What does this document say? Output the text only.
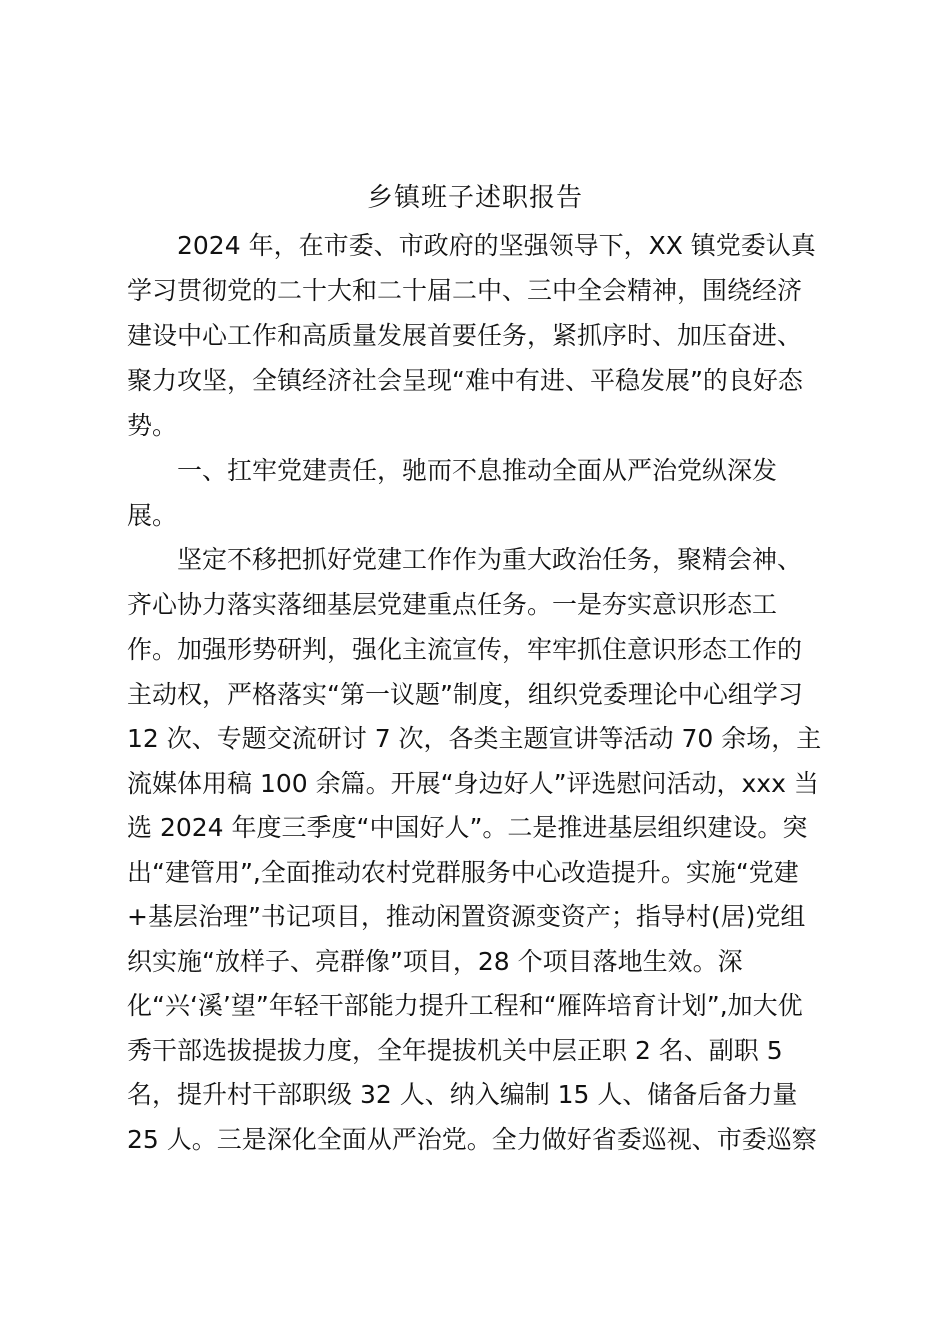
乡镇班子述职报告
2024 年，在市委、市政府的坚强领导下，XX 镇党委认真
学习贯彻党的二十大和二十届二中、三中全会精神，围绕经济
建设中心工作和高质量发展首要任务，紧抓序时、加压奋进、
聚力攻坚，全镇经济社会呈现“难中有进、平稳发展”的良好态
势。
一、扛牢党建责任，驰而不息推动全面从严治党纵深发
展。
坚定不移把抓好党建工作作为重大政治任务，聚精会神、
齐心协力落实落细基层党建重点任务。一是夯实意识形态工
作。加强形势研判，强化主流宣传，牢牢抓住意识形态工作的
主动权，严格落实“第一议题”制度，组织党委理论中心组学习
12 次、专题交流研讨 7 次，各类主题宣讲等活动 70 余场，主
流媒体用稿 100 余篇。开展“身边好人”评选慰问活动，xxx 当
选 2024 年度三季度“中国好人”。二是推进基层组织建设。突
出“建管用”,全面推动农村党群服务中心改造提升。实施“党建
+基层治理”书记项目，推动闲置资源变资产；指导村(居)党组
织实施“放样子、亮群像”项目，28 个项目落地生效。深
化“兴‘溪’望”年轻干部能力提升工程和“雁阵培育计划”,加大优
秀干部选拔提拔力度，全年提拔机关中层正职 2 名、副职 5
名，提升村干部职级 32 人、纳入编制 15 人、储备后备力量
25 人。三是深化全面从严治党。全力做好省委巡视、市委巡察
